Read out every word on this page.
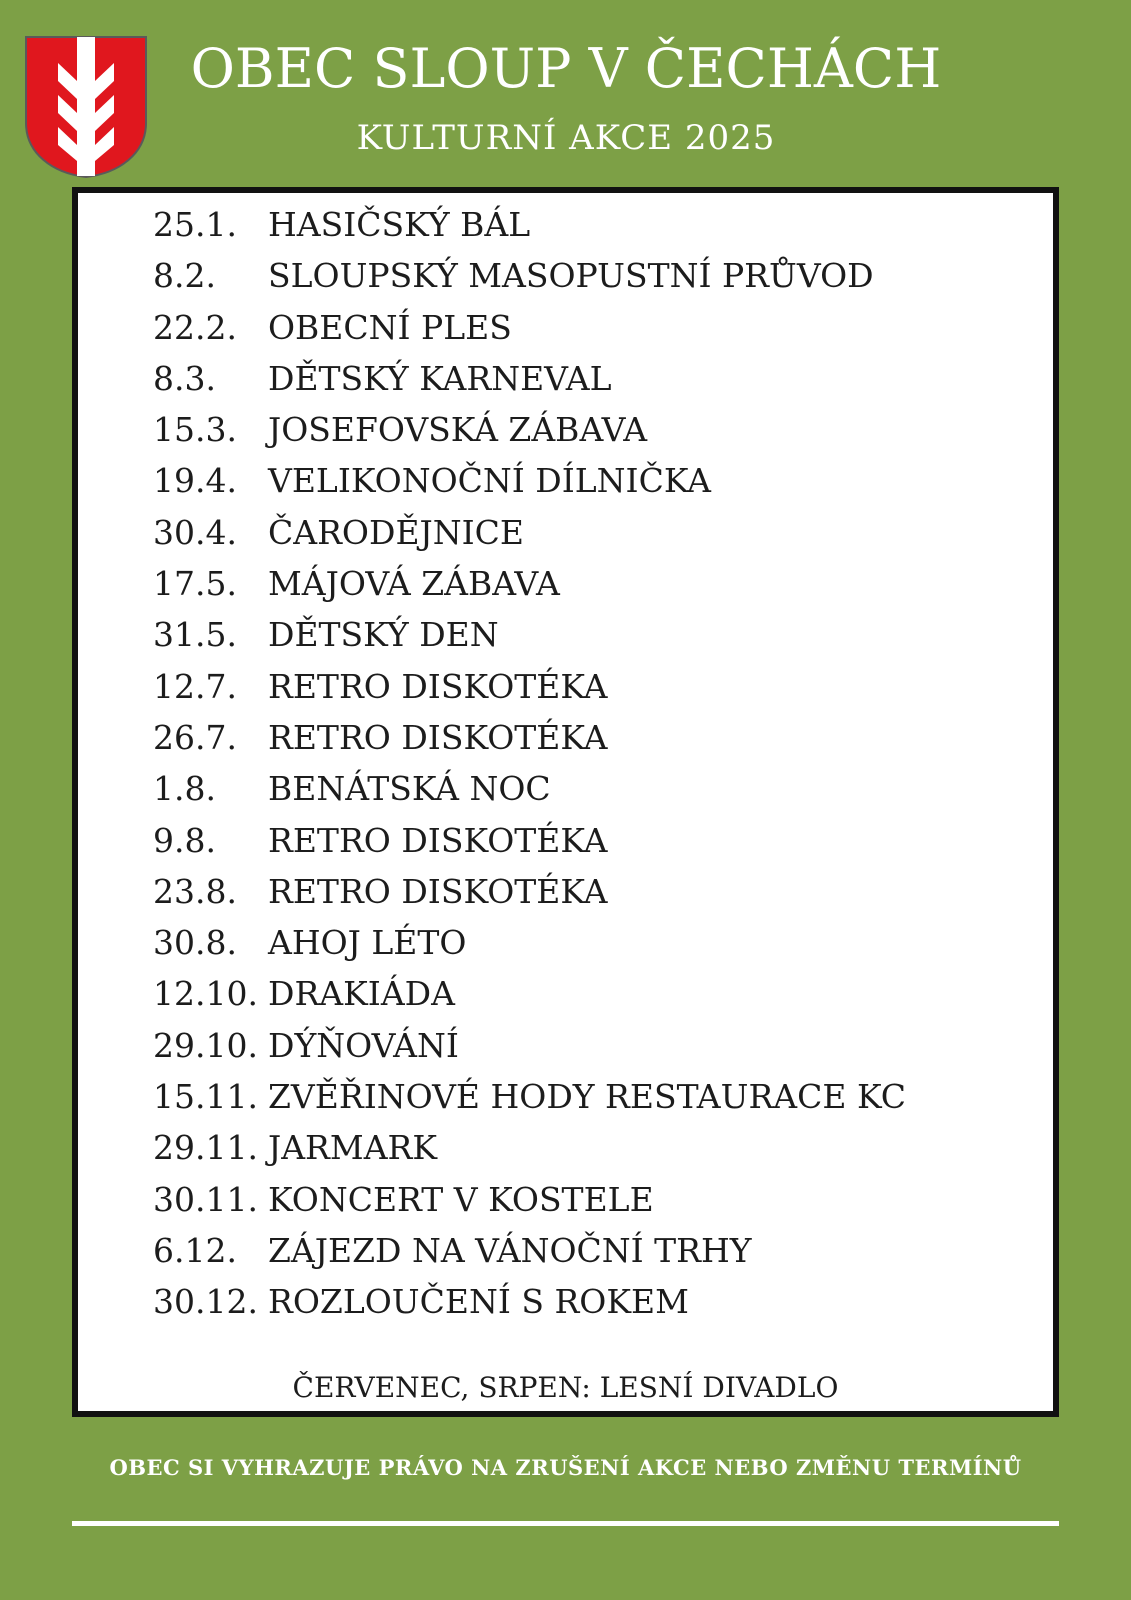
OBEC SLOUP V ČECHÁCH
KULTURNÍ AKCE 2025
25.1. HASIČSKÝ BÁL
8.2. SLOUPSKÝ MASOPUSTNÍ PRŮVOD
22.2. OBECNÍ PLES
8.3. DĚTSKÝ KARNEVAL
15.3. JOSEFOVSKÁ ZÁBAVA
19.4. VELIKONOČNÍ DÍLNIČKA
30.4. ČARODĚJNICE
17.5. MÁJOVÁ ZÁBAVA
31.5. DĚTSKÝ DEN
12.7. RETRO DISKOTÉKA
26.7. RETRO DISKOTÉKA
1.8. BENÁTSKÁ NOC
9.8. RETRO DISKOTÉKA
23.8. RETRO DISKOTÉKA
30.8. AHOJ LÉTO
12.10. DRAKIÁDA
29.10. DÝŇOVÁNÍ
15.11. ZVĚŘINOVÉ HODY RESTAURACE KC
29.11. JARMARK
30.11. KONCERT V KOSTELE
6.12. ZÁJEZD NA VÁNOČNÍ TRHY
30.12. ROZLOUČENÍ S ROKEM
ČERVENEC, SRPEN: LESNÍ DIVADLO
OBEC SI VYHRAZUJE PRÁVO NA ZRUŠENÍ AKCE NEBO ZMĚNU TERMÍNŮ
